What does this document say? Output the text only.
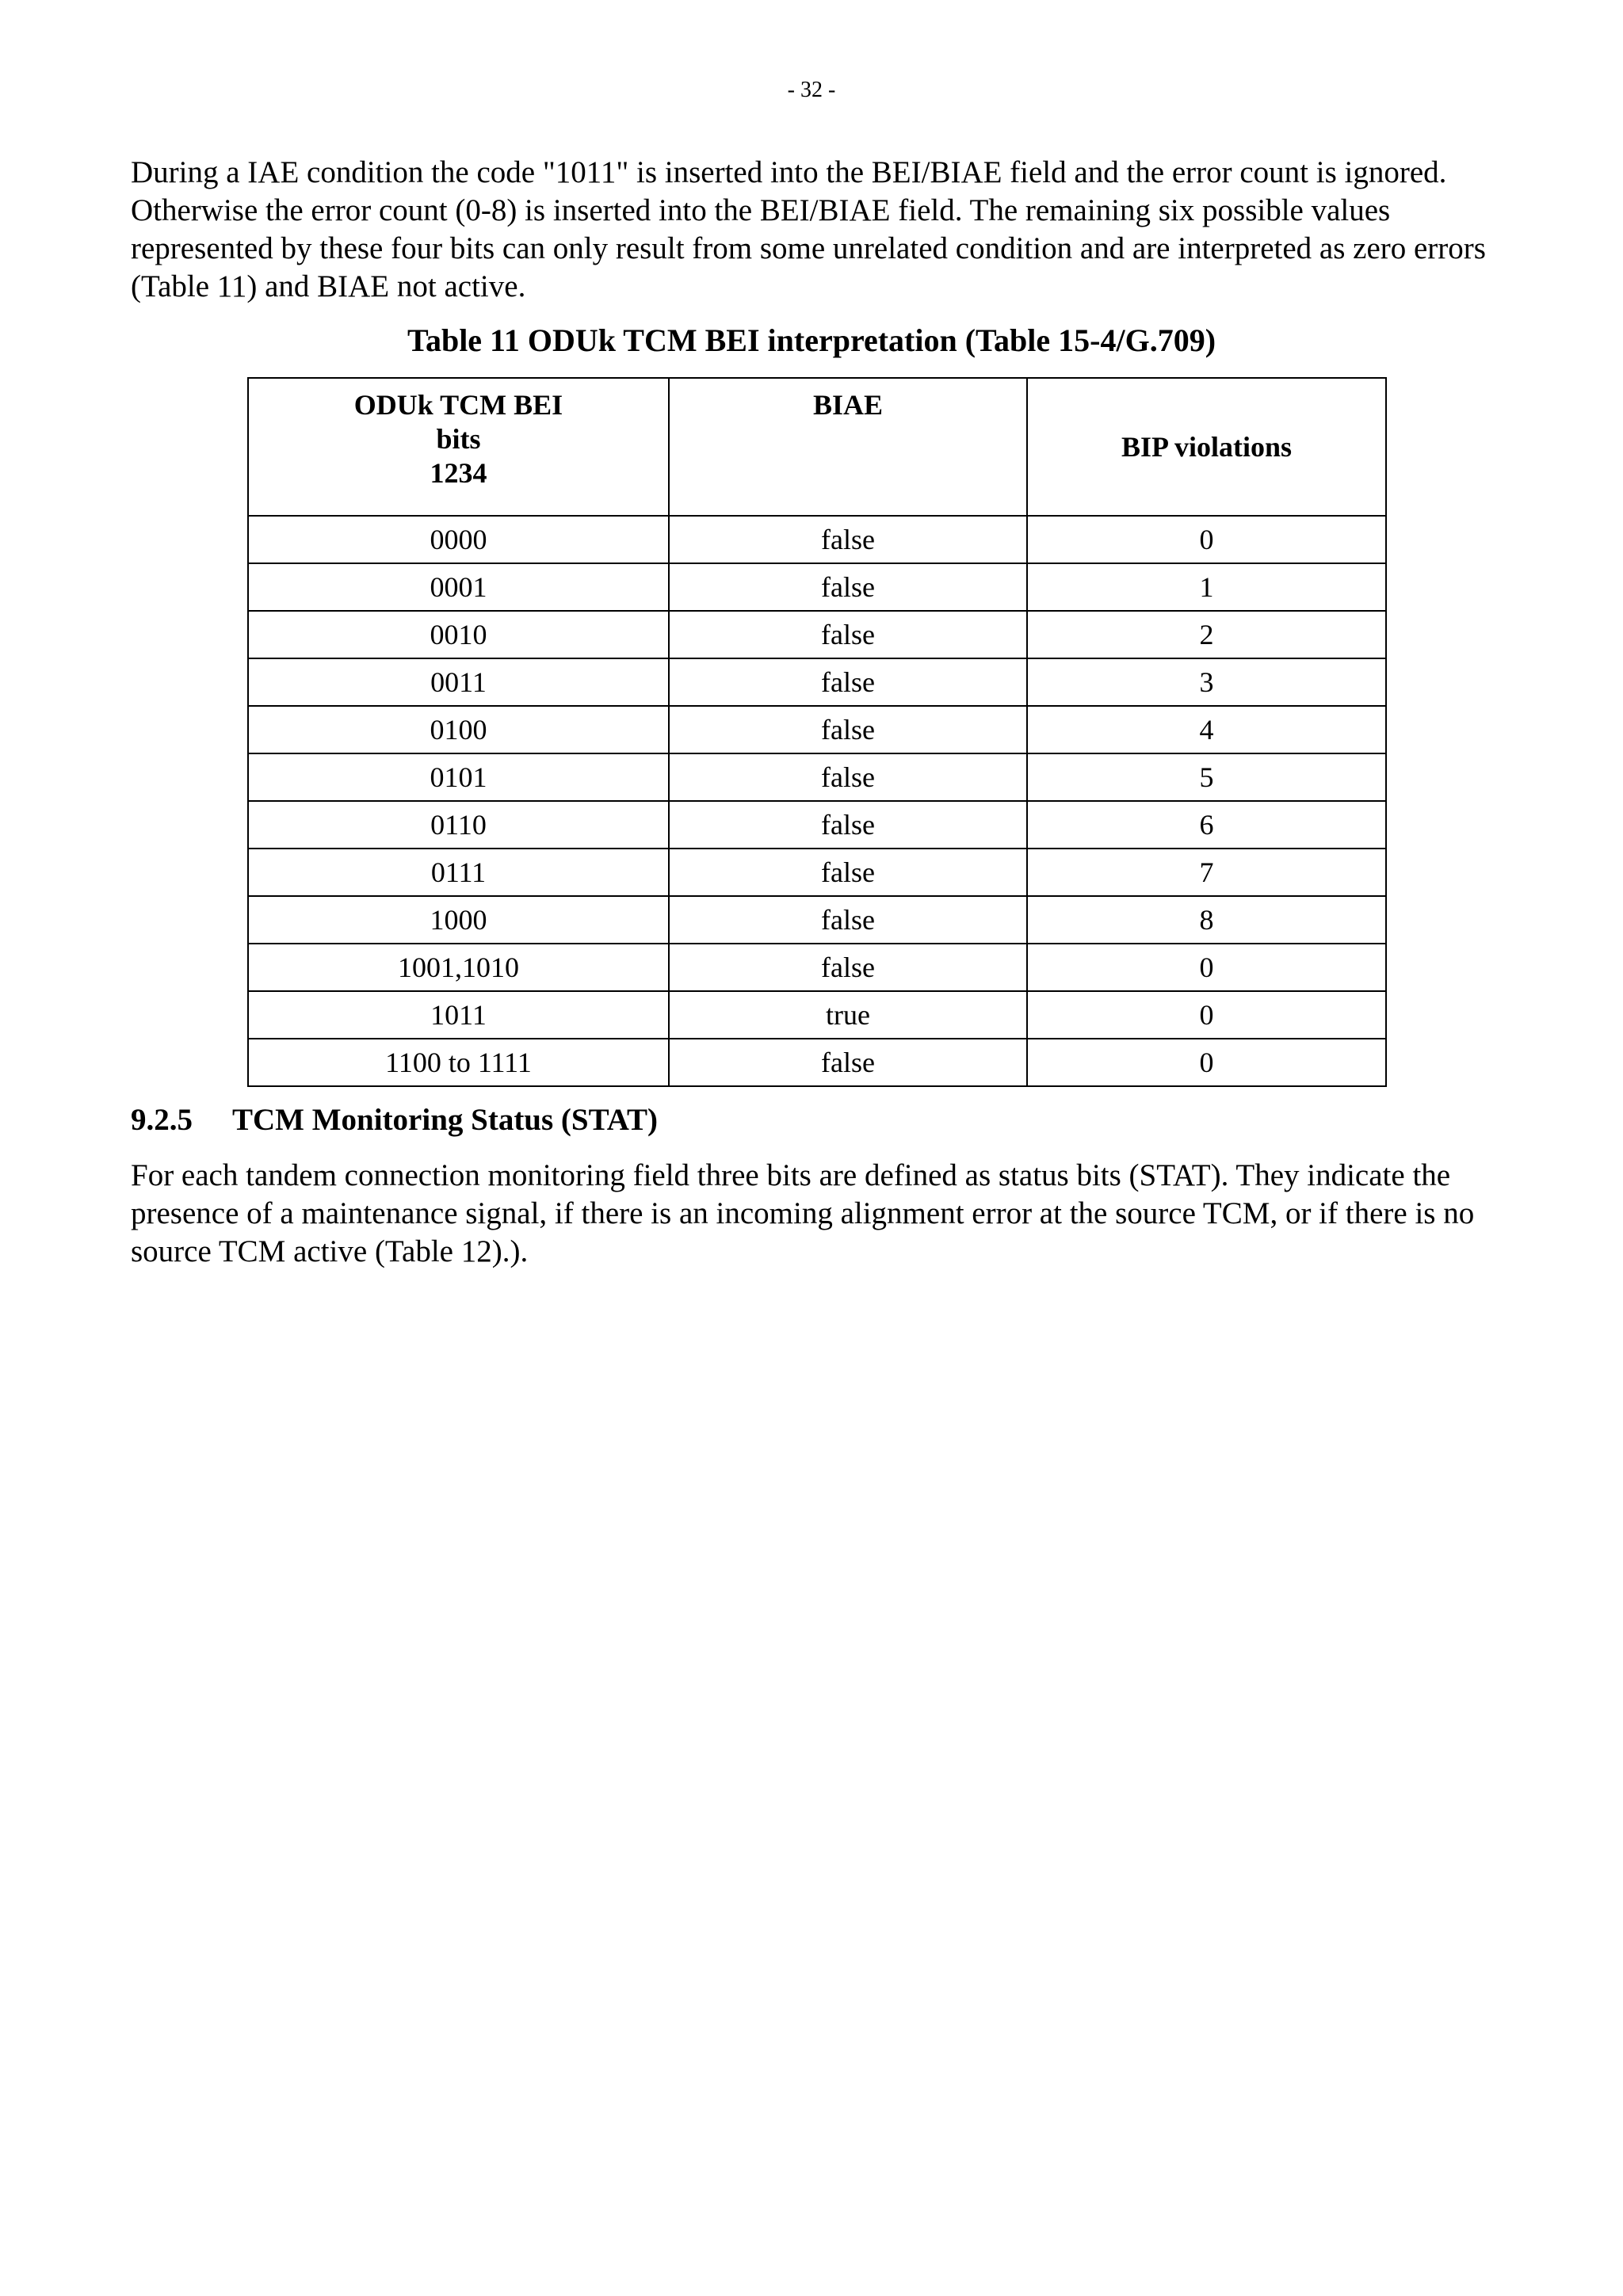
- 32 -

During a IAE condition the code "1011" is inserted into the BEI/BIAE field and the error count is ignored. Otherwise the error count (0-8) is inserted into the BEI/BIAE field. The remaining six possible values represented by these four bits can only result from some unrelated condition and are interpreted as zero errors (Table 11) and BIAE not active.

Table 11 ODUk TCM BEI interpretation (Table 15-4/G.709)

ODUk TCM BEI
bits
1234	BIAE	BIP violations
0000	false	0
0001	false	1
0010	false	2
0011	false	3
0100	false	4
0101	false	5
0110	false	6
0111	false	7
1000	false	8
1001,1010	false	0
1011	true	0
1100 to 1111	false	0
9.2.5 TCM Monitoring Status (STAT)

For each tandem connection monitoring field three bits are defined as status bits (STAT). They indicate the presence of a maintenance signal, if there is an incoming alignment error at the source TCM, or if there is no source TCM active (Table 12).).
